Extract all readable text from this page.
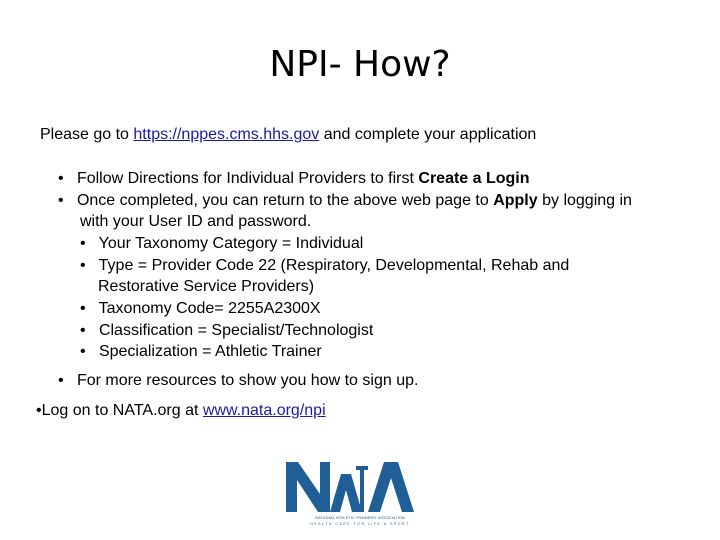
NPI- How?
Please go to https://nppes.cms.hhs.gov and complete your application
•   Follow Directions for Individual Providers to first Create a Login
•   Once completed, you can return to the above web page to Apply by logging in
with your User ID and password.
•   Your Taxonomy Category = Individual
•   Type = Provider Code 22 (Respiratory, Developmental, Rehab and
Restorative Service Providers)
•   Taxonomy Code= 2255A2300X
•   Classification = Specialist/Technologist
•   Specialization = Athletic Trainer
•   For more resources to show you how to sign up.
•Log on to NATA.org at www.nata.org/npi
NATIONAL ATHLETIC TRAINERS' ASSOCIATION
HEALTH CARE FOR LIFE & SPORT
